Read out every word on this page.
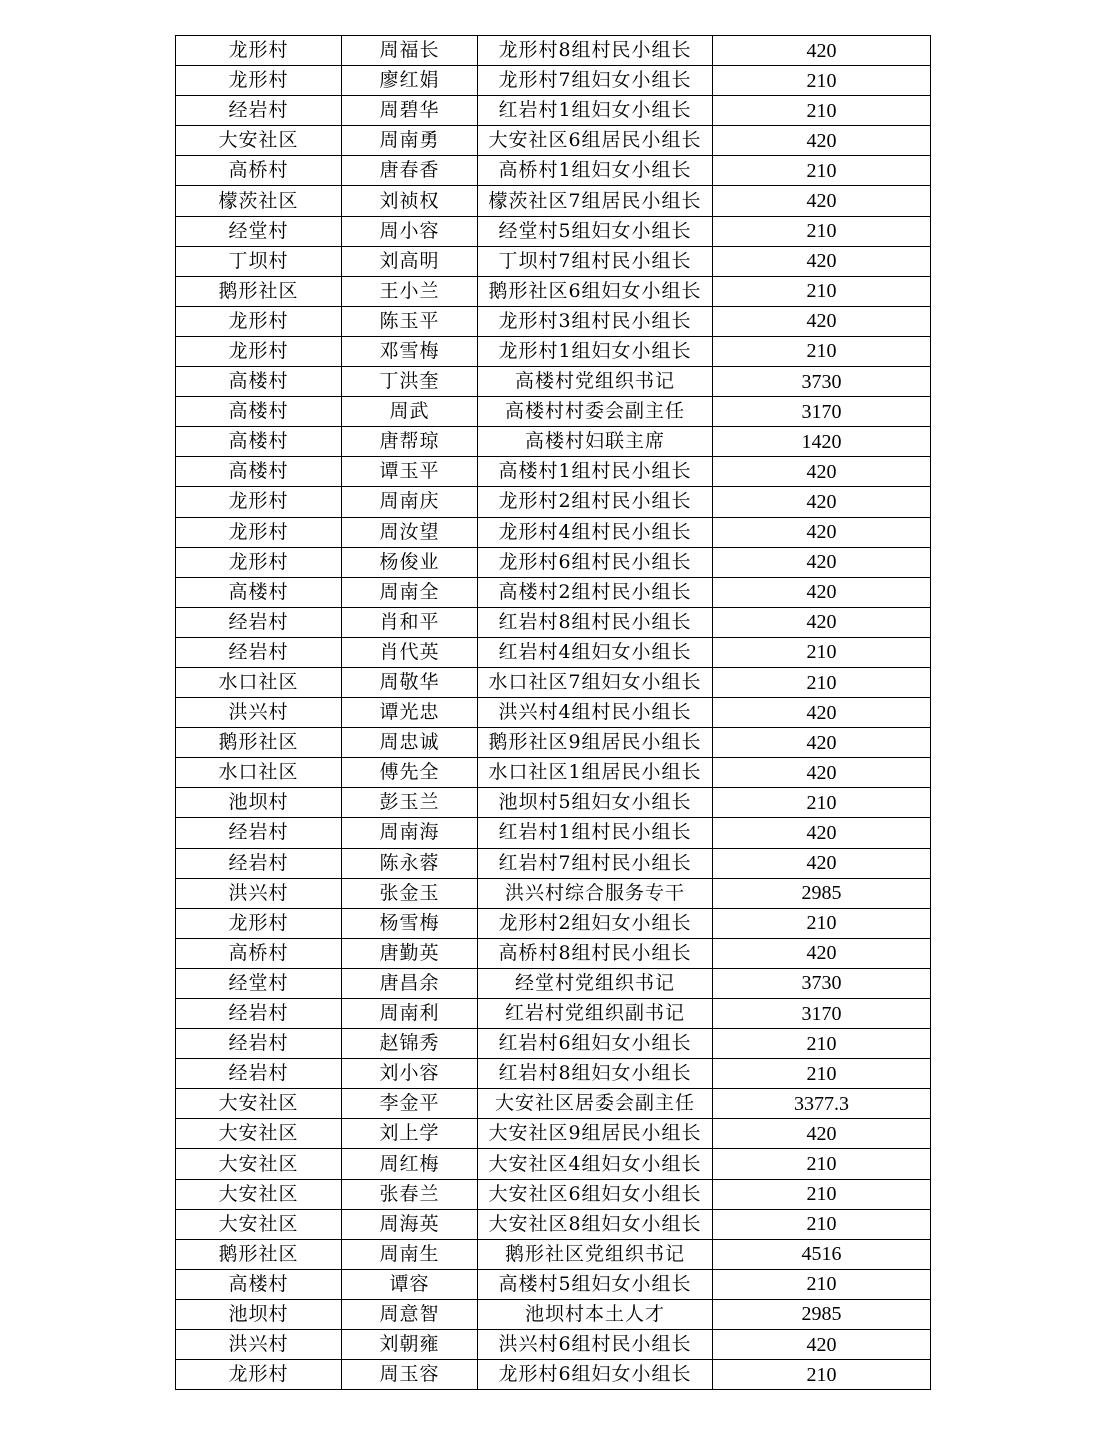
龙形村	周福长	龙形村8组村民小组长	420
龙形村	廖红娟	龙形村7组妇女小组长	210
经岩村	周碧华	红岩村1组妇女小组长	210
大安社区	周南勇	大安社区6组居民小组长	420
高桥村	唐春香	高桥村1组妇女小组长	210
檬茨社区	刘祯权	檬茨社区7组居民小组长	420
经堂村	周小容	经堂村5组妇女小组长	210
丁坝村	刘高明	丁坝村7组村民小组长	420
鹅形社区	王小兰	鹅形社区6组妇女小组长	210
龙形村	陈玉平	龙形村3组村民小组长	420
龙形村	邓雪梅	龙形村1组妇女小组长	210
高楼村	丁洪奎	高楼村党组织书记	3730
高楼村	周武	高楼村村委会副主任	3170
高楼村	唐帮琼	高楼村妇联主席	1420
高楼村	谭玉平	高楼村1组村民小组长	420
龙形村	周南庆	龙形村2组村民小组长	420
龙形村	周汝望	龙形村4组村民小组长	420
龙形村	杨俊业	龙形村6组村民小组长	420
高楼村	周南全	高楼村2组村民小组长	420
经岩村	肖和平	红岩村8组村民小组长	420
经岩村	肖代英	红岩村4组妇女小组长	210
水口社区	周敬华	水口社区7组妇女小组长	210
洪兴村	谭光忠	洪兴村4组村民小组长	420
鹅形社区	周忠诚	鹅形社区9组居民小组长	420
水口社区	傅先全	水口社区1组居民小组长	420
池坝村	彭玉兰	池坝村5组妇女小组长	210
经岩村	周南海	红岩村1组村民小组长	420
经岩村	陈永蓉	红岩村7组村民小组长	420
洪兴村	张金玉	洪兴村综合服务专干	2985
龙形村	杨雪梅	龙形村2组妇女小组长	210
高桥村	唐勤英	高桥村8组村民小组长	420
经堂村	唐昌余	经堂村党组织书记	3730
经岩村	周南利	红岩村党组织副书记	3170
经岩村	赵锦秀	红岩村6组妇女小组长	210
经岩村	刘小容	红岩村8组妇女小组长	210
大安社区	李金平	大安社区居委会副主任	3377.3
大安社区	刘上学	大安社区9组居民小组长	420
大安社区	周红梅	大安社区4组妇女小组长	210
大安社区	张春兰	大安社区6组妇女小组长	210
大安社区	周海英	大安社区8组妇女小组长	210
鹅形社区	周南生	鹅形社区党组织书记	4516
高楼村	谭容	高楼村5组妇女小组长	210
池坝村	周意智	池坝村本土人才	2985
洪兴村	刘朝雍	洪兴村6组村民小组长	420
龙形村	周玉容	龙形村6组妇女小组长	210
